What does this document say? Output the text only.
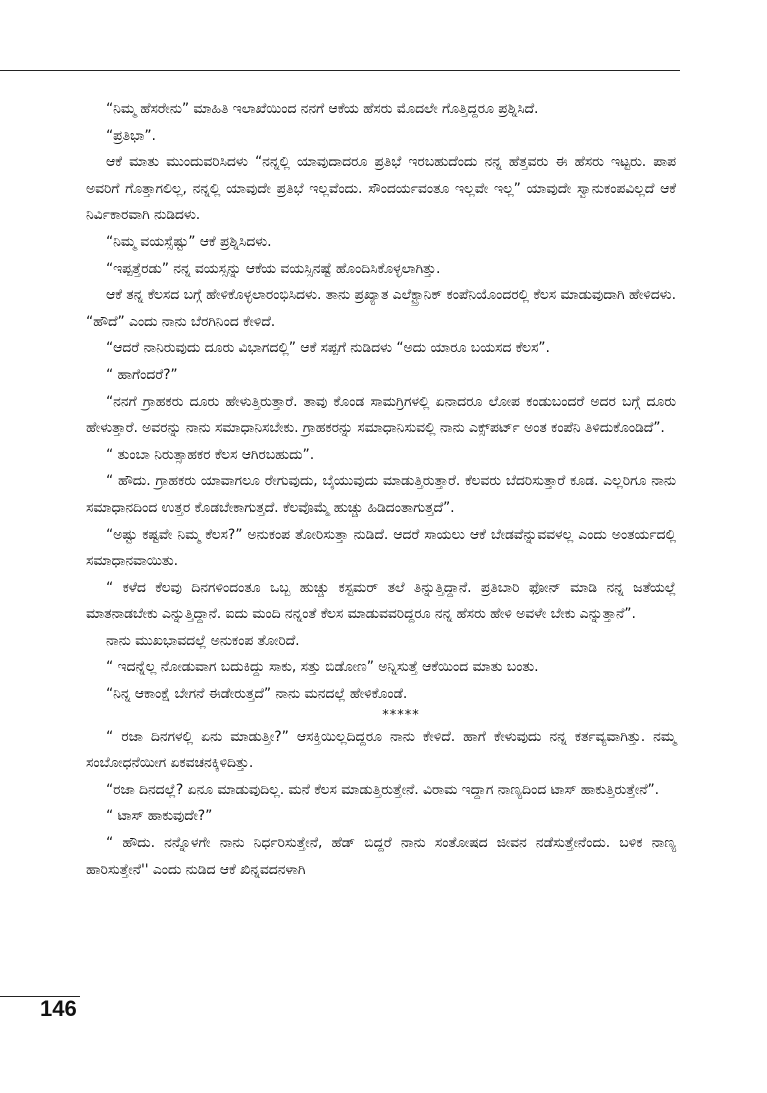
“ನಿಮ್ಮ ಹೆಸರೇನು” ಮಾಹಿತಿ ಇಲಾಖೆಯಿಂದ ನನಗೆ ಆಕೆಯ ಹೆಸರು ಮೊದಲೇ ಗೊತ್ತಿದ್ದರೂ ಪ್ರಶ್ನಿಸಿದೆ.

“ಪ್ರತಿಭಾ”.

ಆಕೆ ಮಾತು ಮುಂದುವರಿಸಿದಳು “ನನ್ನಲ್ಲಿ ಯಾವುದಾದರೂ ಪ್ರತಿಭೆ ಇರಬಹುದೆಂದು ನನ್ನ ಹೆತ್ತವರು ಈ ಹೆಸರು ಇಟ್ಟರು. ಪಾಪ ಅವರಿಗೆ ಗೊತ್ತಾಗಲಿಲ್ಲ, ನನ್ನಲ್ಲಿ ಯಾವುದೇ ಪ್ರತಿಭೆ ಇಲ್ಲವೆಂದು. ಸೌಂದರ್ಯವಂತೂ ಇಲ್ಲವೇ ಇಲ್ಲ” ಯಾವುದೇ ಸ್ವಾನುಕಂಪವಿಲ್ಲದೆ ಆಕೆ ನಿರ್ವಿಕಾರವಾಗಿ ನುಡಿದಳು.

“ನಿಮ್ಮ ವಯಸ್ಸೆಷ್ಟು” ಆಕೆ ಪ್ರಶ್ನಿಸಿದಳು.

“ಇಪ್ಪತ್ತೆರಡು” ನನ್ನ ವಯಸ್ಸನ್ನು ಆಕೆಯ ವಯಸ್ಸಿನಷ್ಟೆ ಹೊಂದಿಸಿಕೊಳ್ಳಲಾಗಿತ್ತು.

ಆಕೆ ತನ್ನ ಕೆಲಸದ ಬಗ್ಗೆ ಹೇಳಿಕೊಳ್ಳಲಾರಂಭಿಸಿದಳು. ತಾನು ಪ್ರಖ್ಯಾತ ಎಲೆಕ್ಟ್ರಾನಿಕ್ ಕಂಪೆನಿಯೊಂದರಲ್ಲಿ ಕೆಲಸ ಮಾಡುವುದಾಗಿ ಹೇಳಿದಳು. “ಹೌದೆ” ಎಂದು ನಾನು ಬೆರಗಿನಿಂದ ಕೇಳಿದೆ.

“ಆದರೆ ನಾನಿರುವುದು ದೂರು ವಿಭಾಗದಲ್ಲಿ” ಆಕೆ ಸಪ್ಪಗೆ ನುಡಿದಳು “ಅದು ಯಾರೂ ಬಯಸದ ಕೆಲಸ”.

“ ಹಾಗೆಂದರೆ?”

“ನನಗೆ ಗ್ರಾಹಕರು ದೂರು ಹೇಳುತ್ತಿರುತ್ತಾರೆ. ತಾವು ಕೊಂಡ ಸಾಮಗ್ರಿಗಳಲ್ಲಿ ಏನಾದರೂ ಲೋಪ ಕಂಡುಬಂದರೆ ಅದರ ಬಗ್ಗೆ ದೂರು ಹೇಳುತ್ತಾರೆ. ಅವರನ್ನು ನಾನು ಸಮಾಧಾನಿಸಬೇಕು. ಗ್ರಾಹಕರನ್ನು ಸಮಾಧಾನಿಸುವಲ್ಲಿ ನಾನು ಎಕ್ಸ್‌ಪರ್ಟ್ ಅಂತ ಕಂಪೆನಿ ತಿಳಿದುಕೊಂಡಿದೆ”.

“ ತುಂಬಾ ನಿರುತ್ಸಾಹಕರ ಕೆಲಸ ಆಗಿರಬಹುದು”.

“ ಹೌದು. ಗ್ರಾಹಕರು ಯಾವಾಗಲೂ ರೇಗುವುದು, ಬೈಯುವುದು ಮಾಡುತ್ತಿರುತ್ತಾರೆ. ಕೆಲವರು ಬೆದರಿಸುತ್ತಾರೆ ಕೂಡ. ಎಲ್ಲರಿಗೂ ನಾನು ಸಮಾಧಾನದಿಂದ ಉತ್ತರ ಕೊಡಬೇಕಾಗುತ್ತದೆ. ಕೆಲವೊಮ್ಮೆ ಹುಚ್ಚು ಹಿಡಿದಂತಾಗುತ್ತದೆ”.

“ಅಷ್ಟು ಕಷ್ಟವೇ ನಿಮ್ಮ ಕೆಲಸ?” ಅನುಕಂಪ ತೋರಿಸುತ್ತಾ ನುಡಿದೆ. ಆದರೆ ಸಾಯಲು ಆಕೆ ಬೇಡವೆನ್ನುವವಳಲ್ಲ ಎಂದು ಅಂತರ್ಯದಲ್ಲಿ ಸಮಾಧಾನವಾಯಿತು.

“ ಕಳೆದ ಕೆಲವು ದಿನಗಳಿಂದಂತೂ ಒಬ್ಬ ಹುಚ್ಚು ಕಸ್ಟಮರ್ ತಲೆ ತಿನ್ನುತ್ತಿದ್ದಾನೆ. ಪ್ರತಿಬಾರಿ ಫೋನ್ ಮಾಡಿ ನನ್ನ ಜತೆಯಲ್ಲೆ ಮಾತನಾಡಬೇಕು ಎನ್ನುತ್ತಿದ್ದಾನೆ. ಐದು ಮಂದಿ ನನ್ನಂತೆ ಕೆಲಸ ಮಾಡುವವರಿದ್ದರೂ ನನ್ನ ಹೆಸರು ಹೇಳಿ ಅವಳೇ ಬೇಕು ಎನ್ನುತ್ತಾನೆ”.

ನಾನು ಮುಖಭಾವದಲ್ಲೆ ಅನುಕಂಪ ತೋರಿದೆ.

“ ಇದನ್ನೆಲ್ಲ ನೋಡುವಾಗ ಬದುಕಿದ್ದು ಸಾಕು, ಸತ್ತು ಬಿಡೋಣ” ಅನ್ನಿಸುತ್ತೆ ಆಕೆಯಿಂದ ಮಾತು ಬಂತು.

“ನಿನ್ನ ಆಕಾಂಕ್ಷೆ ಬೇಗನೆ ಈಡೇರುತ್ತದೆ” ನಾನು ಮನದಲ್ಲೆ ಹೇಳಿಕೊಂಡೆ.

*****

“ ರಜಾ ದಿನಗಳಲ್ಲಿ ಏನು ಮಾಡುತ್ತೀ?” ಆಸಕ್ತಿಯಿಲ್ಲದಿದ್ದರೂ ನಾನು ಕೇಳಿದೆ. ಹಾಗೆ ಕೇಳುವುದು ನನ್ನ ಕರ್ತವ್ಯವಾಗಿತ್ತು. ನಮ್ಮ ಸಂಬೋಧನೆಯೀಗ ಏಕವಚನಕ್ಕಿಳಿದಿತ್ತು.

“ರಜಾ ದಿನದಲ್ಲೆ? ಏನೂ ಮಾಡುವುದಿಲ್ಲ. ಮನೆ ಕೆಲಸ ಮಾಡುತ್ತಿರುತ್ತೇನೆ. ವಿರಾಮ ಇದ್ದಾಗ ನಾಣ್ಯದಿಂದ ಟಾಸ್ ಹಾಕುತ್ತಿರುತ್ತೇನೆ”.

“ ಟಾಸ್ ಹಾಕುವುದೇ?”

“ ಹೌದು. ನನ್ನೊಳಗೇ ನಾನು ನಿರ್ಧರಿಸುತ್ತೇನೆ, ಹೆಡ್ ಬಿದ್ದರೆ ನಾನು ಸಂತೋಷದ ಜೀವನ ನಡೆಸುತ್ತೇನೆಂದು. ಬಳಿಕ ನಾಣ್ಯ ಹಾರಿಸುತ್ತೇನೆ'' ಎಂದು ನುಡಿದ ಆಕೆ ಖಿನ್ನವದನಳಾಗಿ

146
